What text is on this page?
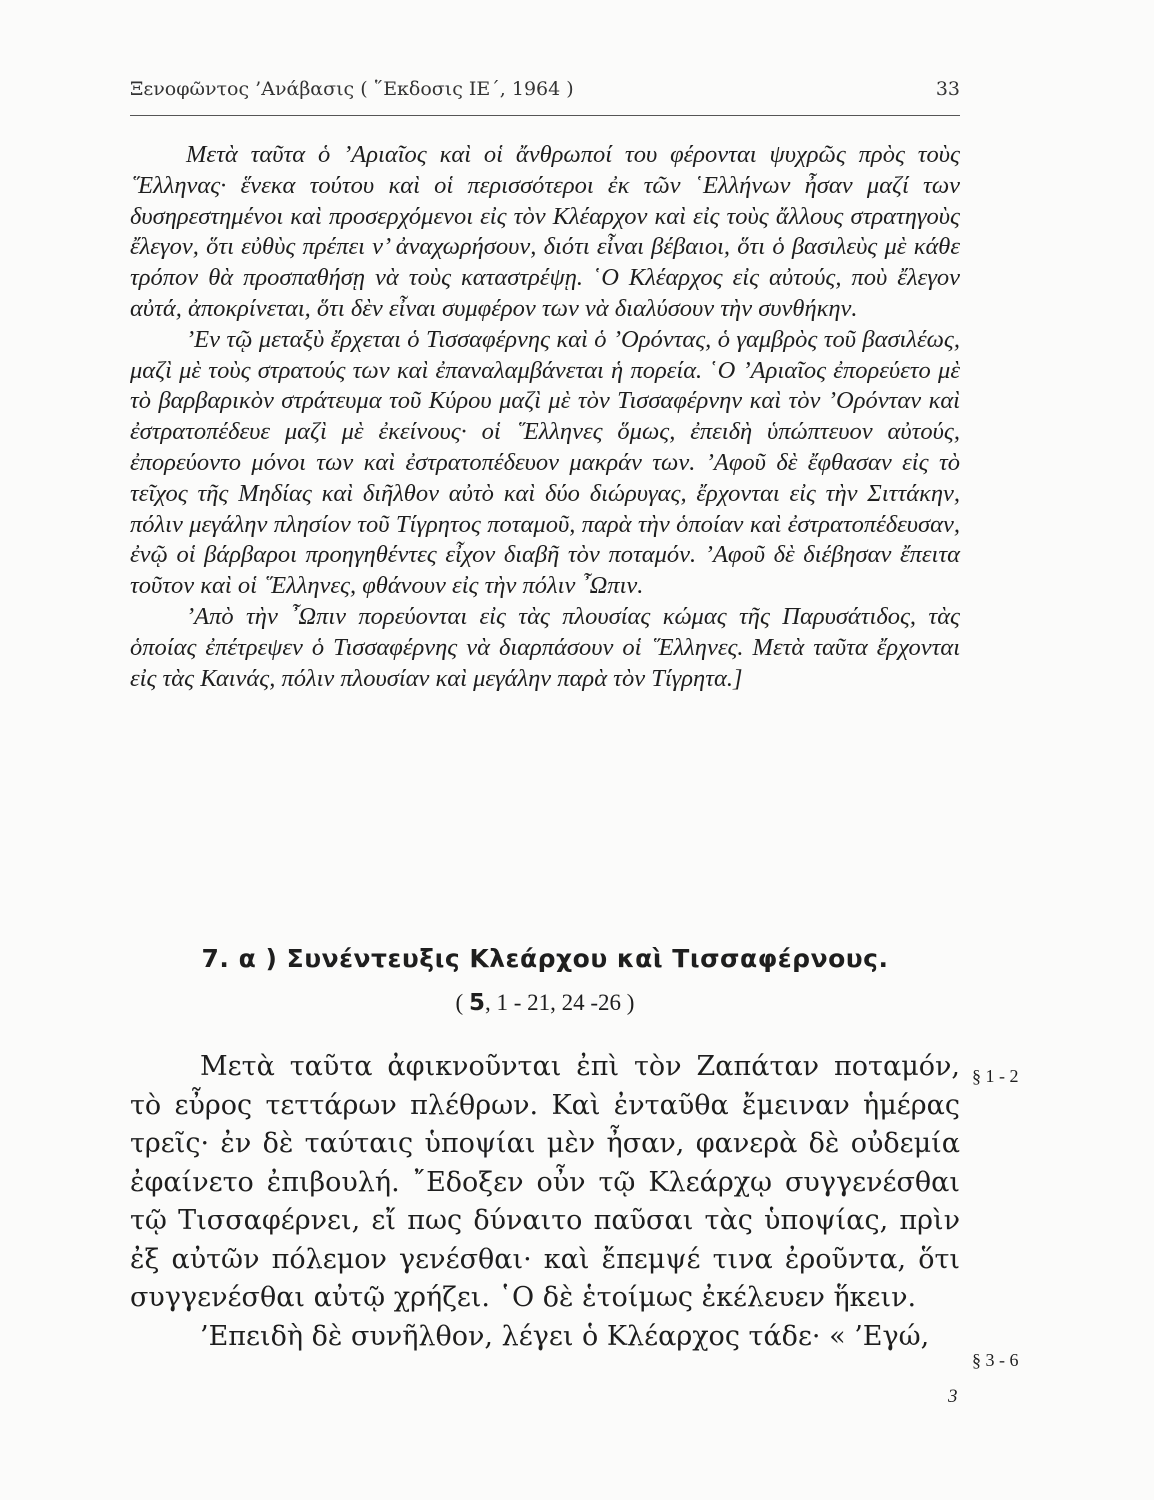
Ξενοφῶντος ’Ανάβασις ( ῞Εκδοσις ΙΕ΄, 1964 )	33

Μετὰ ταῦτα ὁ ’Αριαῖος καὶ οἱ ἄνθρωποί του φέρονται ψυχρῶς πρὸς τοὺς ῞Ελληνας· ἕνεκα τούτου καὶ οἱ περισσότεροι ἐκ τῶν ῾Ελλήνων ἦσαν μαζί των δυσηρεστημένοι καὶ προσερχόμενοι εἰς τὸν Κλέαρχον καὶ εἰς τοὺς ἄλλους στρατηγοὺς ἔλεγον, ὅτι εὐθὺς πρέπει ν’ ἀναχωρήσουν, διότι εἶναι βέβαιοι, ὅτι ὁ βασιλεὺς μὲ κάθε τρόπον θὰ προσπαθήσῃ νὰ τοὺς καταστρέψῃ. ῾Ο Κλέαρχος εἰς αὐτούς, ποὺ ἔλεγον αὐτά, ἀποκρίνεται, ὅτι δὲν εἶναι συμφέρον των νὰ διαλύσουν τὴν συνθήκην.

’Εν τῷ μεταξὺ ἔρχεται ὁ Τισσαφέρνης καὶ ὁ ’Ορόντας, ὁ γαμβρὸς τοῦ βασιλέως, μαζὶ μὲ τοὺς στρατούς των καὶ ἐπαναλαμβάνεται ἡ πορεία. ῾Ο ’Αριαῖος ἐπορεύετο μὲ τὸ βαρβαρικὸν στράτευμα τοῦ Κύρου μαζὶ μὲ τὸν Τισσαφέρνην καὶ τὸν ’Ορόνταν καὶ ἐστρατοπέδευε μαζὶ μὲ ἐκείνους· οἱ ῞Ελληνες ὅμως, ἐπειδὴ ὑπώπτευον αὐτούς, ἐπορεύοντο μόνοι των καὶ ἐστρατοπέδευον μακράν των. ’Αφοῦ δὲ ἔφθασαν εἰς τὸ τεῖχος τῆς Μηδίας καὶ διῆλθον αὐτὸ καὶ δύο διώρυγας, ἔρχονται εἰς τὴν Σιττάκην, πόλιν μεγάλην πλησίον τοῦ Τίγρητος ποταμοῦ, παρὰ τὴν ὁποίαν καὶ ἐστρατοπέδευσαν, ἐνῷ οἱ βάρβαροι προηγηθέντες εἶχον διαβῆ τὸν ποταμόν. ’Αφοῦ δὲ διέβησαν ἔπειτα τοῦτον καὶ οἱ ῞Ελληνες, φθάνουν εἰς τὴν πόλιν ῏Ωπιν.

’Απὸ τὴν ῏Ωπιν πορεύονται εἰς τὰς πλουσίας κώμας τῆς Παρυσάτιδος, τὰς ὁποίας ἐπέτρεψεν ὁ Τισσαφέρνης νὰ διαρπάσουν οἱ ῞Ελληνες. Μετὰ ταῦτα ἔρχονται εἰς τὰς Καινάς, πόλιν πλουσίαν καὶ μεγάλην παρὰ τὸν Τίγρητα.]

7. α ) Συνέντευξις Κλεάρχου καὶ Τισσαφέρνους.
( 5, 1 - 21, 24 -26 )

Μετὰ ταῦτα ἀφικνοῦνται ἐπὶ τὸν Ζαπάταν ποταμόν, τὸ εὖρος τεττάρων πλέθρων. Καὶ ἐνταῦθα ἔμειναν ἡμέρας τρεῖς· ἐν δὲ ταύταις ὑποψίαι μὲν ἦσαν, φανερὰ δὲ οὐδεμία ἐφαίνετο ἐπιβουλή. ῎Εδοξεν οὖν τῷ Κλεάρχῳ συγγενέσθαι τῷ Τισσαφέρνει, εἴ πως δύναιτο παῦσαι τὰς ὑποψίας, πρὶν ἐξ αὐτῶν πόλεμον γενέσθαι· καὶ ἔπεμψέ τινα ἐροῦντα, ὅτι συγγενέσθαι αὐτῷ χρήζει. ῾Ο δὲ ἑτοίμως ἐκέλευεν ἥκειν.

’Επειδὴ δὲ συνῆλθον, λέγει ὁ Κλέαρχος τάδε· « ’Εγώ,

§ 1 - 2
§ 3 - 6
3
